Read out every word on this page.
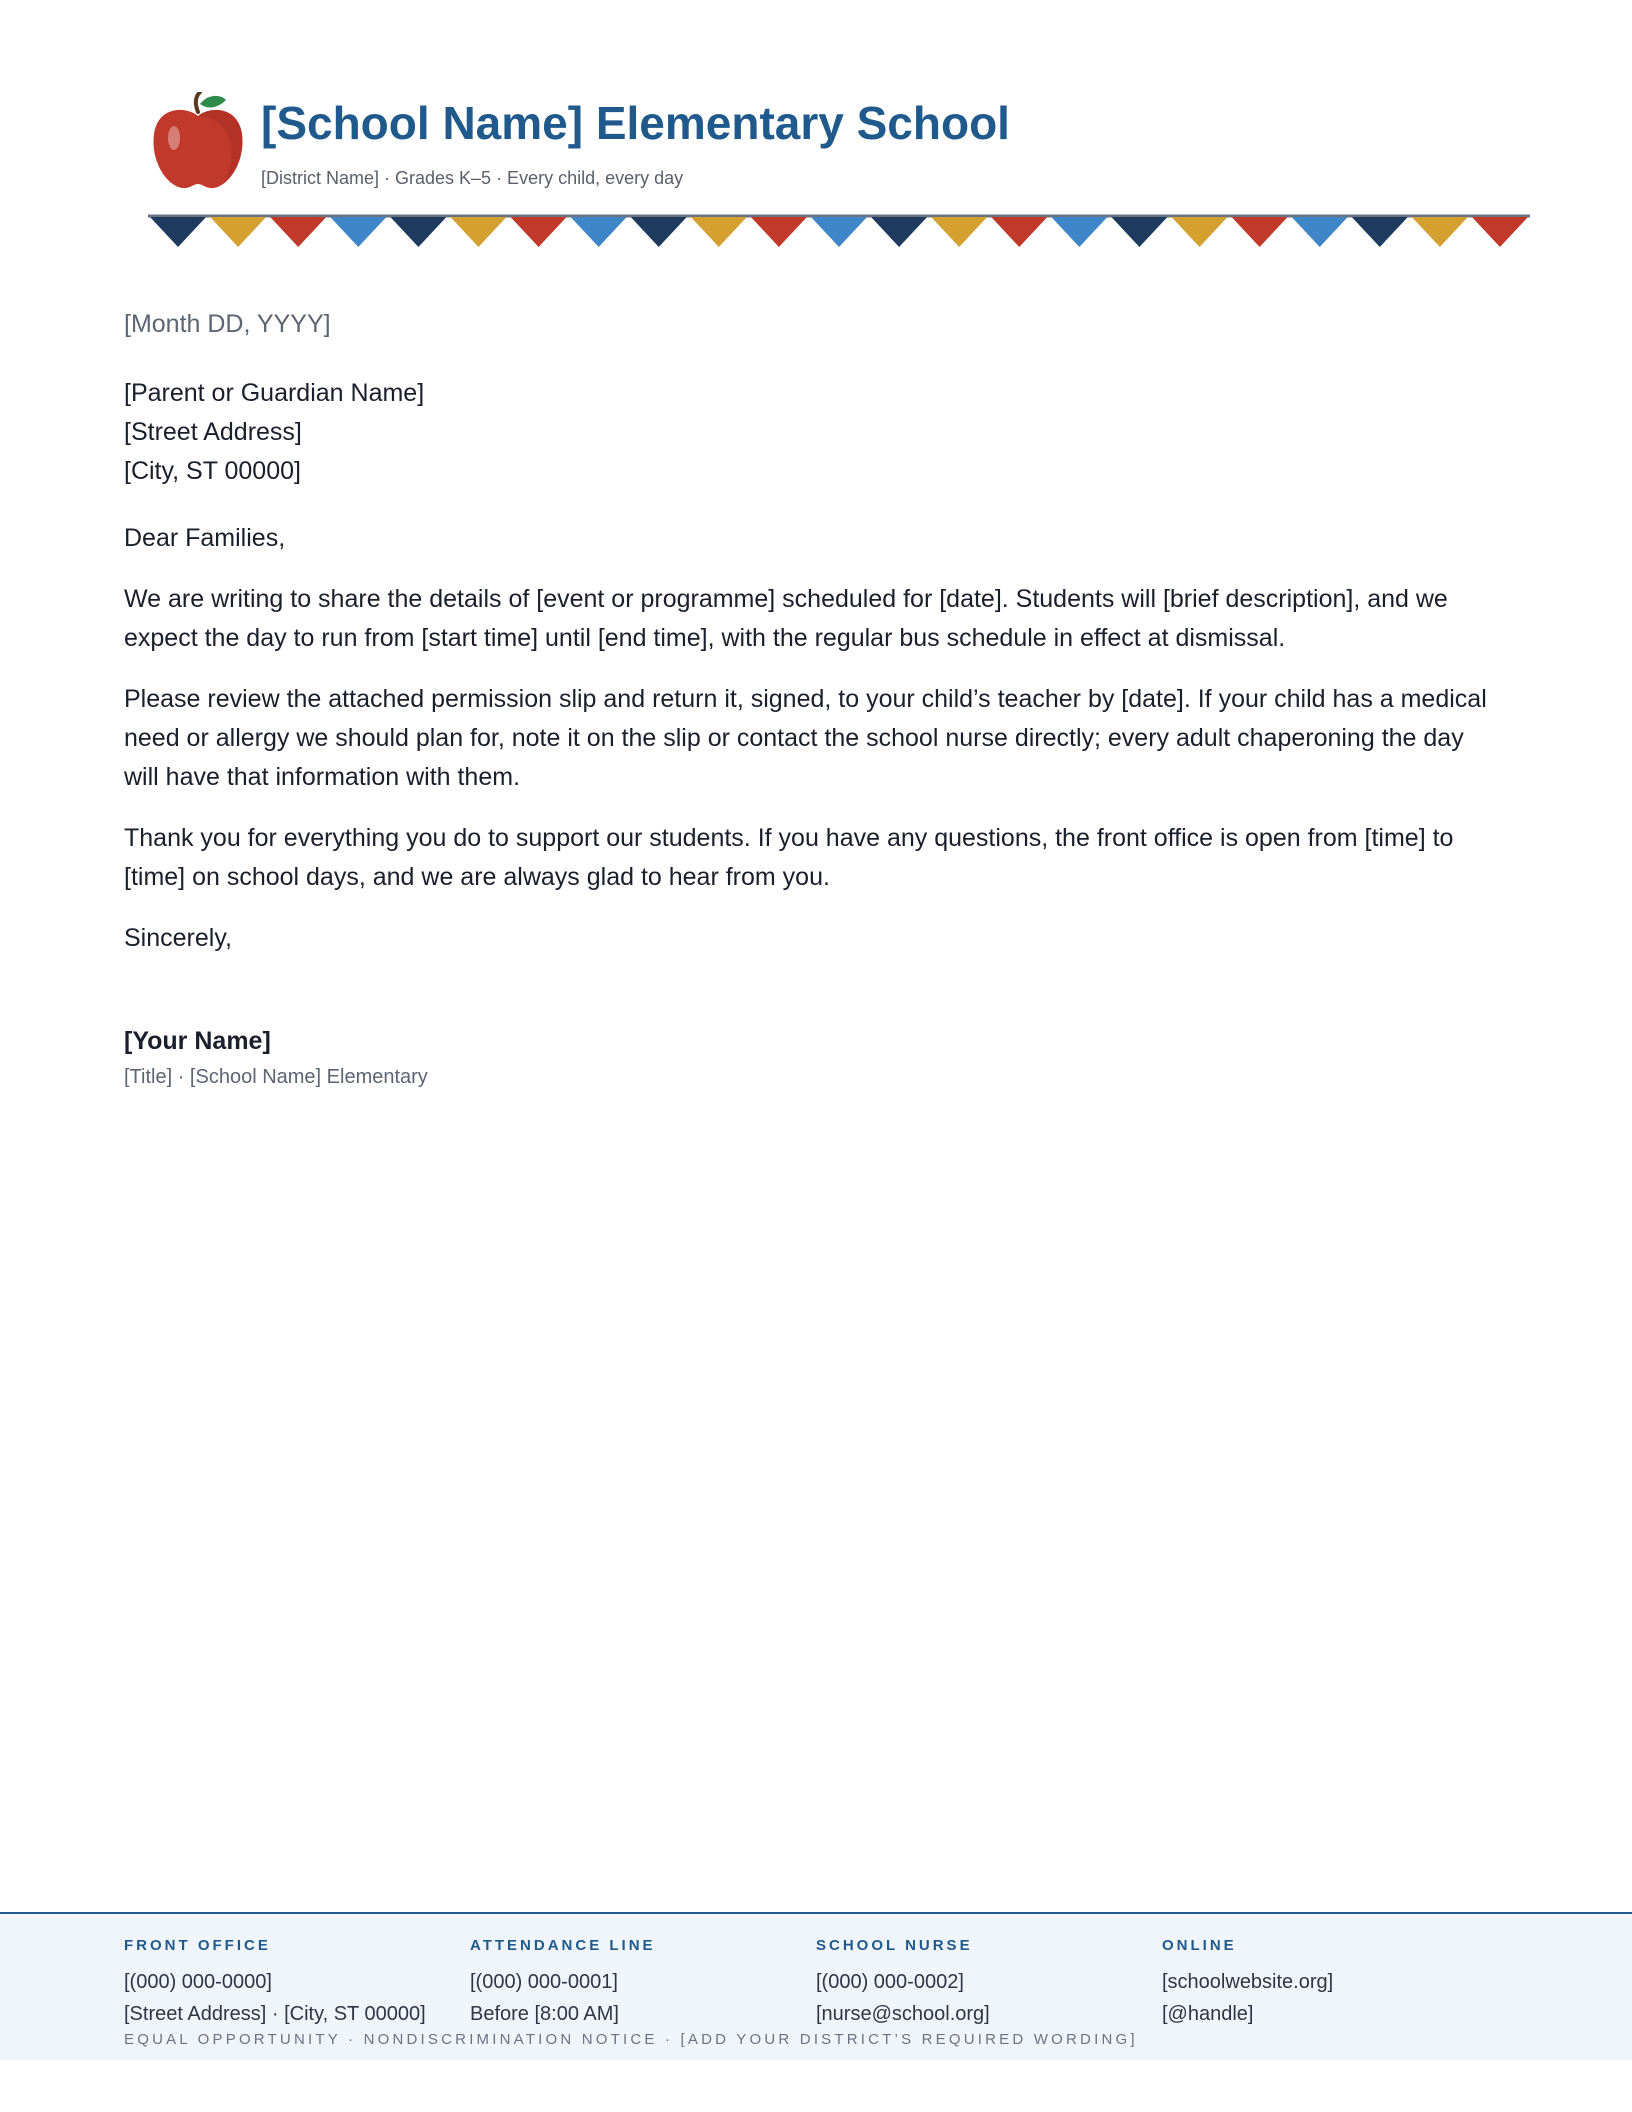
[School Name] Elementary School
[District Name] · Grades K–5 · Every child, every day
[Month DD, YYYY]
[Parent or Guardian Name]
[Street Address]
[City, ST 00000]
Dear Families,

We are writing to share the details of [event or programme] scheduled for [date]. Students will [brief description], and we expect the day to run from [start time] until [end time], with the regular bus schedule in effect at dismissal.

Please review the attached permission slip and return it, signed, to your child’s teacher by [date]. If your child has a medical need or allergy we should plan for, note it on the slip or contact the school nurse directly; every adult chaperoning the day will have that information with them.

Thank you for everything you do to support our students. If you have any questions, the front office is open from [time] to [time] on school days, and we are always glad to hear from you.

Sincerely,
[Your Name]
[Title] · [School Name] Elementary
FRONT OFFICE
[(000) 000-0000]
[Street Address] · [City, ST 00000]
ATTENDANCE LINE
[(000) 000-0001]
Before [8:00 AM]
SCHOOL NURSE
[(000) 000-0002]
[nurse@school.org]
ONLINE
[schoolwebsite.org]
[@handle]
EQUAL OPPORTUNITY · NONDISCRIMINATION NOTICE · [ADD YOUR DISTRICT’S REQUIRED WORDING]
